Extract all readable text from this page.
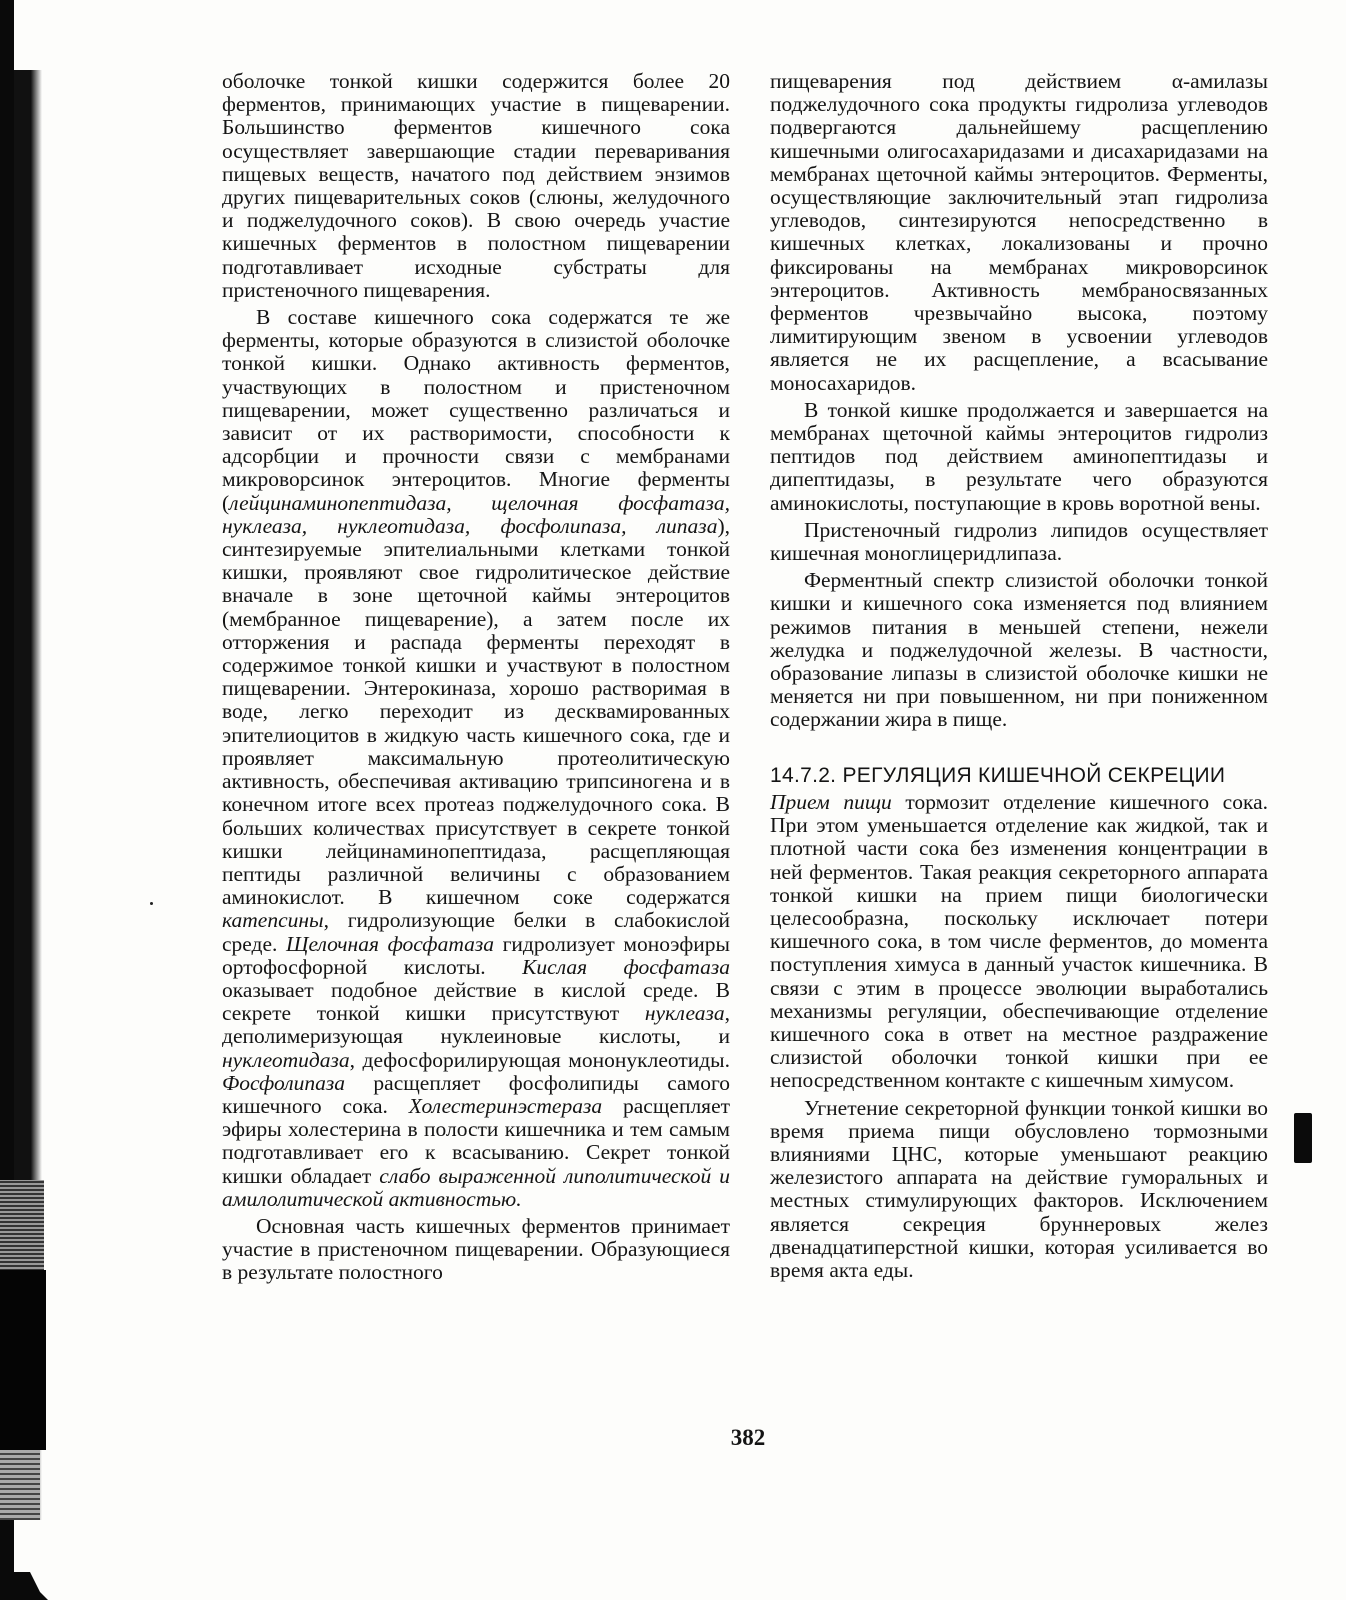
оболочке тонкой кишки содержится более 20 ферментов, принимающих участие в пищеварении. Большинство ферментов кишечного сока осуществляет завершающие стадии переваривания пищевых веществ, начатого под действием энзимов других пищеварительных соков (слюны, желудочного и поджелудочного соков). В свою очередь участие кишечных ферментов в полостном пищеварении подготавливает исходные субстраты для пристеночного пищеварения.

В составе кишечного сока содержатся те же ферменты, которые образуются в слизистой оболочке тонкой кишки. Однако активность ферментов, участвующих в полостном и пристеночном пищеварении, может существенно различаться и зависит от их растворимости, способности к адсорбции и прочности связи с мембранами микроворсинок энтероцитов. Многие ферменты (лейцинаминопептидаза, щелочная фосфатаза, нуклеаза, нуклеотидаза, фосфолипаза, липаза), синтезируемые эпителиальными клетками тонкой кишки, проявляют свое гидролитическое действие вначале в зоне щеточной каймы энтероцитов (мембранное пищеварение), а затем после их отторжения и распада ферменты переходят в содержимое тонкой кишки и участвуют в полостном пищеварении. Энтерокиназа, хорошо растворимая в воде, легко переходит из десквамированных эпителиоцитов в жидкую часть кишечного сока, где и проявляет максимальную протеолитическую активность, обеспечивая активацию трипсиногена и в конечном итоге всех протеаз поджелудочного сока. В больших количествах присутствует в секрете тонкой кишки лейцинаминопептидаза, расщепляющая пептиды различной величины с образованием аминокислот. В кишечном соке содержатся катепсины, гидролизующие белки в слабокислой среде. Щелочная фосфатаза гидролизует моноэфиры ортофосфорной кислоты. Кислая фосфатаза оказывает подобное действие в кислой среде. В секрете тонкой кишки присутствуют нуклеаза, деполимеризующая нуклеиновые кислоты, и нуклеотидаза, дефосфорилирующая мононуклеотиды. Фосфолипаза расщепляет фосфолипиды самого кишечного сока. Холестеринэстераза расщепляет эфиры холестерина в полости кишечника и тем самым подготавливает его к всасыванию. Секрет тонкой кишки обладает слабо выраженной липолитической и амилолитической активностью.

Основная часть кишечных ферментов принимает участие в пристеночном пищеварении. Образующиеся в результате полостного

пищеварения под действием α-амилазы поджелудочного сока продукты гидролиза углеводов подвергаются дальнейшему расщеплению кишечными олигосахаридазами и дисахаридазами на мембранах щеточной каймы энтероцитов. Ферменты, осуществляющие заключительный этап гидролиза углеводов, синтезируются непосредственно в кишечных клетках, локализованы и прочно фиксированы на мембранах микроворсинок энтероцитов. Активность мембраносвязанных ферментов чрезвычайно высока, поэтому лимитирующим звеном в усвоении углеводов является не их расщепление, а всасывание моносахаридов.

В тонкой кишке продолжается и завершается на мембранах щеточной каймы энтероцитов гидролиз пептидов под действием аминопептидазы и дипептидазы, в результате чего образуются аминокислоты, поступающие в кровь воротной вены.

Пристеночный гидролиз липидов осуществляет кишечная моноглицеридлипаза.

Ферментный спектр слизистой оболочки тонкой кишки и кишечного сока изменяется под влиянием режимов питания в меньшей степени, нежели желудка и поджелудочной железы. В частности, образование липазы в слизистой оболочке кишки не меняется ни при повышенном, ни при пониженном содержании жира в пище.

14.7.2. РЕГУЛЯЦИЯ КИШЕЧНОЙ СЕКРЕЦИИ

Прием пищи тормозит отделение кишечного сока. При этом уменьшается отделение как жидкой, так и плотной части сока без изменения концентрации в ней ферментов. Такая реакция секреторного аппарата тонкой кишки на прием пищи биологически целесообразна, поскольку исключает потери кишечного сока, в том числе ферментов, до момента поступления химуса в данный участок кишечника. В связи с этим в процессе эволюции выработались механизмы регуляции, обеспечивающие отделение кишечного сока в ответ на местное раздражение слизистой оболочки тонкой кишки при ее непосредственном контакте с кишечным химусом.

Угнетение секреторной функции тонкой кишки во время приема пищи обусловлено тормозными влияниями ЦНС, которые уменьшают реакцию железистого аппарата на действие гуморальных и местных стимулирующих факторов. Исключением является секреция бруннеровых желез двенадцатиперстной кишки, которая усиливается во время акта еды.

382
